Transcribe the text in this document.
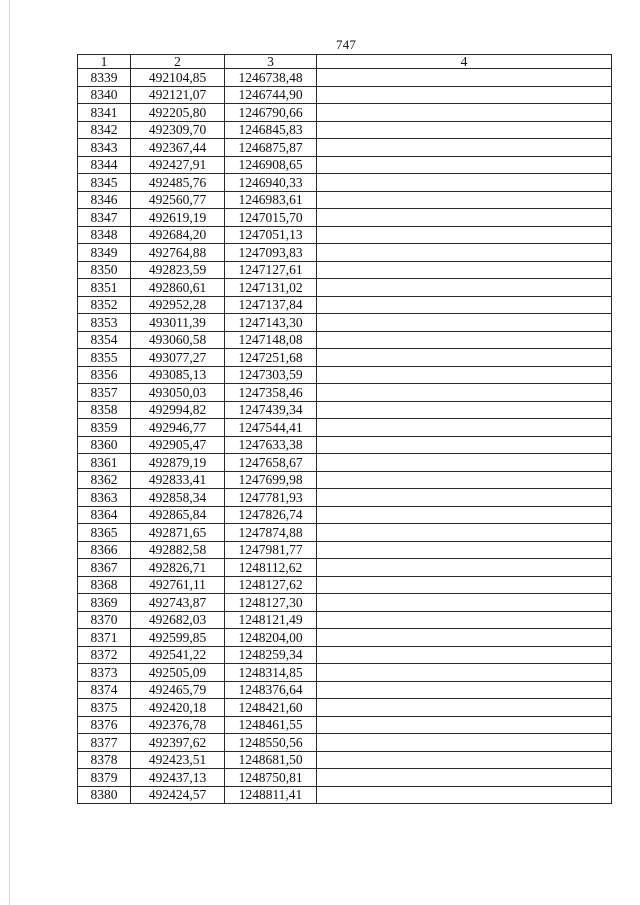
747
1	2	3	4
8339	492104,85	1246738,48	
8340	492121,07	1246744,90	
8341	492205,80	1246790,66	
8342	492309,70	1246845,83	
8343	492367,44	1246875,87	
8344	492427,91	1246908,65	
8345	492485,76	1246940,33	
8346	492560,77	1246983,61	
8347	492619,19	1247015,70	
8348	492684,20	1247051,13	
8349	492764,88	1247093,83	
8350	492823,59	1247127,61	
8351	492860,61	1247131,02	
8352	492952,28	1247137,84	
8353	493011,39	1247143,30	
8354	493060,58	1247148,08	
8355	493077,27	1247251,68	
8356	493085,13	1247303,59	
8357	493050,03	1247358,46	
8358	492994,82	1247439,34	
8359	492946,77	1247544,41	
8360	492905,47	1247633,38	
8361	492879,19	1247658,67	
8362	492833,41	1247699,98	
8363	492858,34	1247781,93	
8364	492865,84	1247826,74	
8365	492871,65	1247874,88	
8366	492882,58	1247981,77	
8367	492826,71	1248112,62	
8368	492761,11	1248127,62	
8369	492743,87	1248127,30	
8370	492682,03	1248121,49	
8371	492599,85	1248204,00	
8372	492541,22	1248259,34	
8373	492505,09	1248314,85	
8374	492465,79	1248376,64	
8375	492420,18	1248421,60	
8376	492376,78	1248461,55	
8377	492397,62	1248550,56	
8378	492423,51	1248681,50	
8379	492437,13	1248750,81	
8380	492424,57	1248811,41	
